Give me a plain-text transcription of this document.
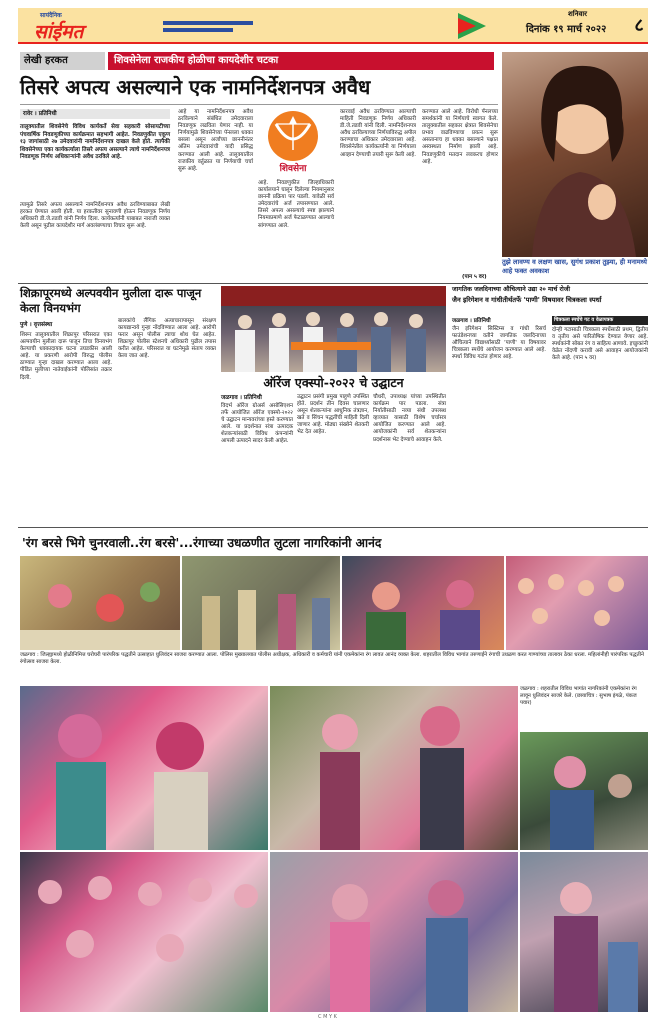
सायंदैनिक
सांईमत
शनिवार
दिनांक १९ मार्च २०२२ ८
लेखी हरकत	शिवसेनेला राजकीय होळीचा कायदेशीर चटका
तिसरे अपत्य असल्याने एक नामनिर्देशनपत्र अवैध
रावेर । प्रतिनिधी
तालुक्यातील शिवसेनेचे विविध कार्यकर्ते सेवा सहकारी सोसायटीच्या पंचवार्षिक निवडणुकीच्या कार्यक्रमात सहभागी आहेत. निवडणुकीत एकूण १३ जागांसाठी २७ उमेदवारांनी नामनिर्देशनपत्र दाखल केले होते. त्यापैकी शिवसेनेच्या एका कार्यकर्त्याला तिसरे अपत्य असल्याने त्याचे नामनिर्देशनपत्र निवडणूक निर्णय अधिकाऱ्यांनी अवैध ठरविले आहे.
त्यामुळे तिसरे अपत्य असल्याने नामनिर्देशनपत्र अवैध ठरविण्याबाबत लेखी हरकत घेण्यात आली होती. या हरकतीवर सुनावणी होऊन निवडणूक निर्णय अधिकारी डी.जे.तडवी यांनी निर्णय दिला. कार्यकर्त्यांनी याबाबत नाराजी व्यक्त केली असून पुढील कायदेशीर मार्ग अवलंबण्याचा विचार सुरू आहे.
आहे या नामनिर्देशनपत्र अवैध ठरविल्याने संबंधित उमेदवाराला निवडणूक लढविता येणार नाही. या निर्णयामुळे शिवसेनेच्या पॅनलला धक्का बसला असून अर्जांच्या छाननीनंतर अंतिम उमेदवारांची यादी प्रसिद्ध करण्यात आली आहे. तालुक्यातील राजकीय वर्तुळात या निर्णयाची चर्चा सुरू आहे.	शिवसेना
आहे. निवडणुकीत जिल्हाधिकारी कार्यालयाने घालून दिलेल्या नियमानुसार छाननी प्रक्रिया पार पडली. यावेळी सर्व उमेदवारांचे अर्ज तपासण्यात आले. तिसरे अपत्य असल्याचे स्पष्ट झाल्याने नियमाप्रमाणे अर्ज फेटाळण्यात आल्याचे सांगण्यात आले.
कारवाई अवैध ठरविण्यात आल्याची माहिती निवडणूक निर्णय अधिकारी डी.जे.तडवी यांनी दिली. नामनिर्देशनपत्र अवैध ठरविल्याच्या निर्णयाविरुद्ध अपील करण्याचा अधिकार उमेदवाराला आहे. शिवसेनेतील कार्यकर्त्यांनी या निर्णयाला आव्हान देण्याची तयारी सुरू केली आहे.
करण्यात आले आहे. विरोधी पॅनलच्या समर्थकांनी या निर्णयाचे स्वागत केले. तालुक्यातील सहकार क्षेत्रात शिवसेनेचा प्रभाव वाढविण्याचा प्रयत्न सुरू असतानाच हा धक्का बसल्याने पक्षात अस्वस्थता निर्माण झाली आहे. निवडणुकीचे मतदान लवकरच होणार आहे.
(पान ५ वर)
तुझे लावण्य व लक्षण खास, सुगंध प्रकाश तुझ्या, ही मनामध्ये आहे फक्त अवकाश
शिक्रापूरमध्ये अल्पवयीन मुलीला दारू पाजून केला विनयभंग
पुणे । वृत्तसंस्था
शिरूर तालुक्यातील शिक्रापूर परिसरात एका अल्पवयीन मुलीला दारू पाजून तिचा विनयभंग केल्याची धक्कादायक घटना उघडकीस आली आहे. या प्रकरणी आरोपी विरुद्ध पोलीस ठाण्यात गुन्हा दाखल करण्यात आला आहे. पीडित मुलीच्या नातेवाईकांनी पोलिसांत तक्रार दिली.
बालकांचे लैंगिक अत्याचारापासून संरक्षण कायद्यान्वये गुन्हा नोंदविण्यात आला आहे. आरोपी फरार असून पोलीस त्याचा शोध घेत आहेत. शिक्रापूर पोलीस स्टेशनचे अधिकारी पुढील तपास करीत आहेत. परिसरात या घटनेमुळे संताप व्यक्त केला जात आहे.
ऑरेंज एक्स्पो-२०२२ चे उद्घाटन
जळगाव । प्रतिनिधी
विदर्भ ऑरेंज ग्रोअर्स असोसिएशन तर्फे आयोजित ऑरेंज एक्स्पो-२०२२ चे उद्घाटन मान्यवरांच्या हस्ते करण्यात आले. या प्रदर्शनात संत्रा उत्पादक शेतकऱ्यांसाठी विविध कंपन्यांनी आपली उत्पादने सादर केली आहेत.
उद्घाटन प्रसंगी प्रमुख पाहुणे उपस्थित होते. प्रदर्शन तीन दिवस चालणार असून शेतकऱ्यांना आधुनिक तंत्रज्ञान, खते व सिंचन पद्धतींची माहिती दिली जाणार आहे. मोठ्या संख्येने शेतकरी भेट देत आहेत.
चौधरी, उपाध्यक्ष यांच्या उपस्थितीत कार्यक्रम पार पडला. संत्रा निर्यातीसाठी नव्या संधी उपलब्ध व्हाव्यात यासाठी विशेष चर्चासत्र आयोजित करण्यात आले आहे. आयोजकांनी सर्व शेतकऱ्यांना प्रदर्शनास भेट देण्याचे आवाहन केले.
जागतिक जलदिनाच्या औचित्याने उद्या २० मार्च रोजी
जैन इरिगेशन व गांधीतीर्थतर्फे 'पाणी' विषयावर चित्रकला स्पर्धा
जळगाव । प्रतिनिधी
जैन इरिगेशन सिस्टिम्स व गांधी रिसर्च फाउंडेशनच्या वतीने जागतिक जलदिनाच्या औचित्याने विद्यार्थ्यांसाठी 'पाणी' या विषयावर चित्रकला स्पर्धेचे आयोजन करण्यात आले आहे. स्पर्धा विविध गटांत होणार आहे.
चित्रकला स्पर्धेचे गट व वेळापत्रक
दोन्ही गटासाठी चित्रकला स्पर्धेसाठी प्रथम, द्वितीय व तृतीय असे पारितोषिक देण्यात येणार आहे. स्पर्धकांनी सोबत रंग व साहित्य आणावे. इच्छुकांनी वेळेत नोंदणी करावी असे आवाहन आयोजकांनी केले आहे. (पान ५ वर)
'रंग बरसे भिगे चुनरवाली..रंग बरसे'...रंगाच्या उधळणीत लुटला नागरिकांनी आनंद
जळगाव : जिल्ह्यामध्ये होळीनिमित्त घरोघरी पारंपरिक पद्धतीने उत्साहात धुलिवंदन साजरा करण्यात आला. पोलिस मुख्यालयात पोलीस अधीक्षक, अधिकारी व कर्मचारी यांनी एकमेकांना रंग लावत आनंद व्यक्त केला. शहरातील विविध भागांत तरुणाईने रंगाची उधळण करत गाण्यांच्या तालावर ठेका धरला. महिलांनीही पारंपरिक पद्धतीने रंगोत्सव साजरा केला.
जळगाव : शहरातील विविध भागांत नागरिकांनी एकमेकांना रंग लावून धुलिवंदन साजरे केले. (छायाचित्र : सुभाष इंगळे, पंकज पवार)
C M Y K
